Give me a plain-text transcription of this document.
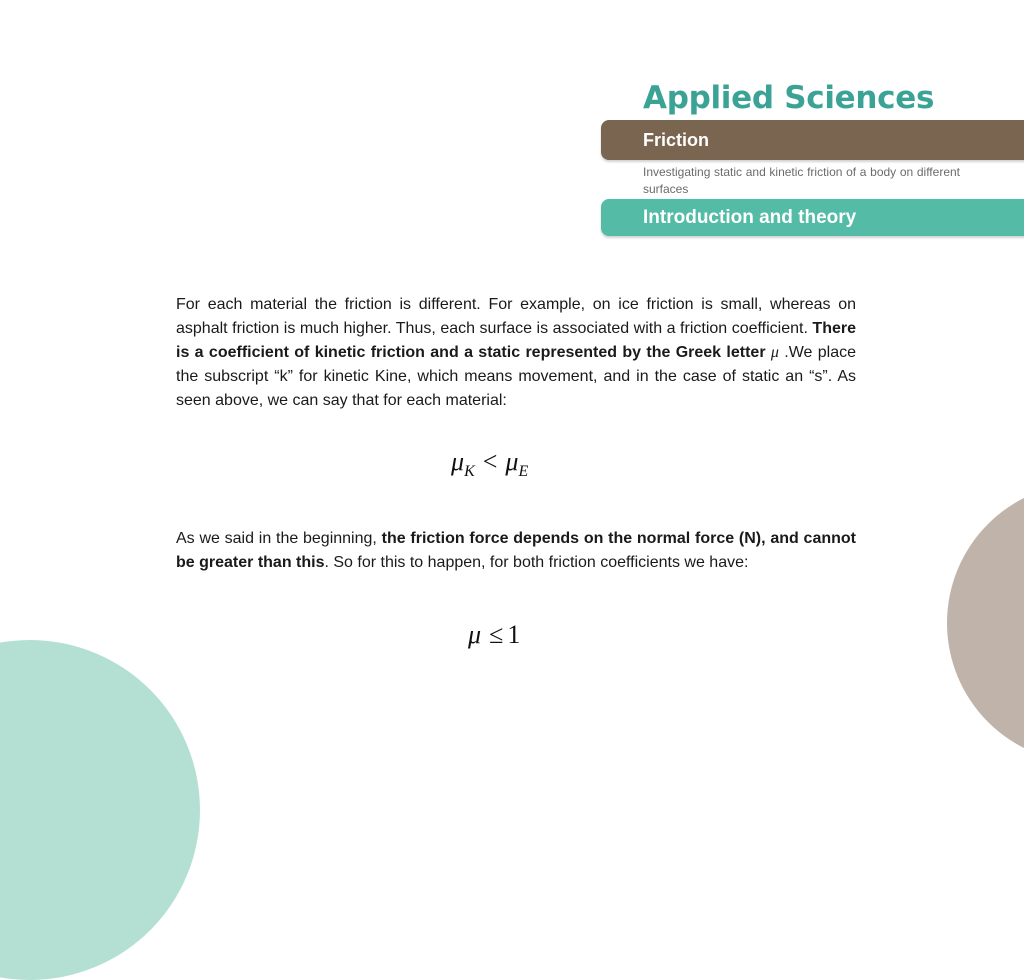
Applied Sciences
Friction
Investigating static and kinetic friction of a body on different surfaces
Introduction and theory
For each material the friction is different. For example, on ice friction is small, whereas on asphalt friction is much higher. Thus, each surface is associated with a friction coefficient. There is a coefficient of kinetic friction and a static represented by the Greek letter μ .We place the subscript “k” for kinetic Kine, which means movement, and in the case of static an “s”. As seen above, we can say that for each material:
$\mu_K < \mu_E$
As we said in the beginning, the friction force depends on the normal force (N), and cannot be greater than this. So for this to happen, for both friction coefficients we have:
μ ≤ 1
